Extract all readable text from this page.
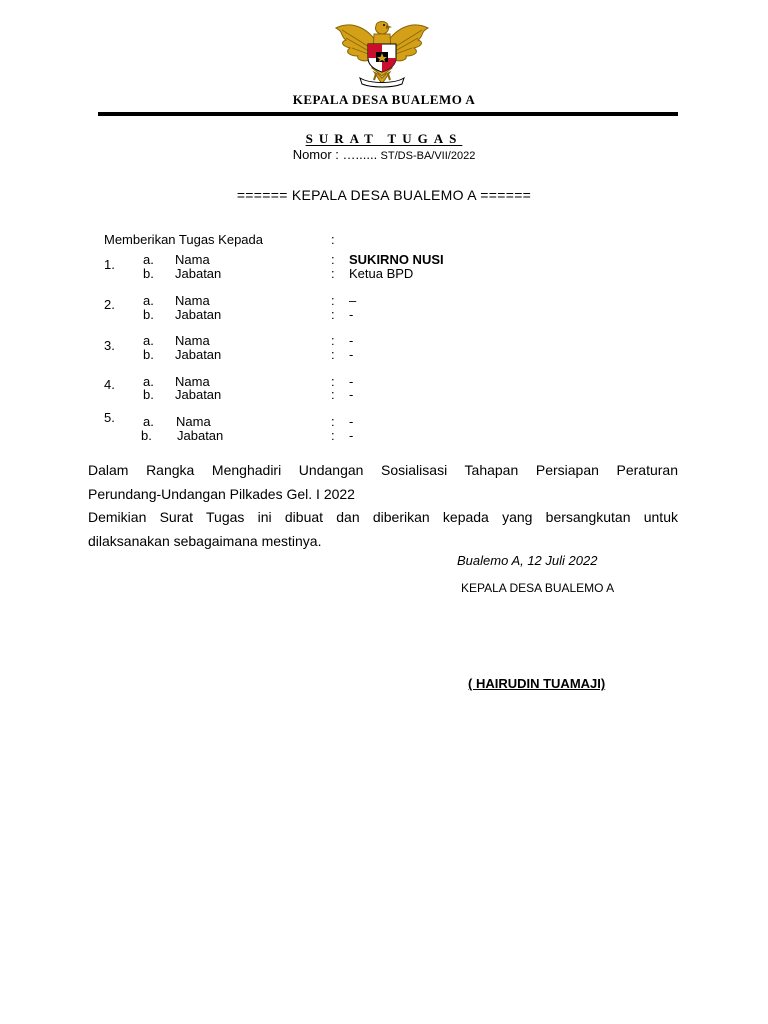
KEPALA DESA BUALEMO A
SURAT TUGAS
Nomor : …...... ST/DS-BA/VII/2022
====== KEPALA DESA BUALEMO A ======
Memberikan Tugas Kepada	:
1. a. Nama	: SUKIRNO NUSI
b. Jabatan	: Ketua BPD
2. a. Nama	: –
b. Jabatan	: -
3. a. Nama	: -
b. Jabatan	: -
4. a. Nama	: -
b. Jabatan	: -
5. a. Nama	: -
b. Jabatan	: -
Dalam Rangka Menghadiri Undangan Sosialisasi Tahapan Persiapan Peraturan
Perundang-Undangan Pilkades Gel. I 2022
Demikian Surat Tugas ini dibuat dan diberikan kepada yang bersangkutan untuk
dilaksanakan sebagaimana mestinya.
Bualemo A, 12 Juli 2022
KEPALA DESA BUALEMO A
( HAIRUDIN TUAMAJI)
